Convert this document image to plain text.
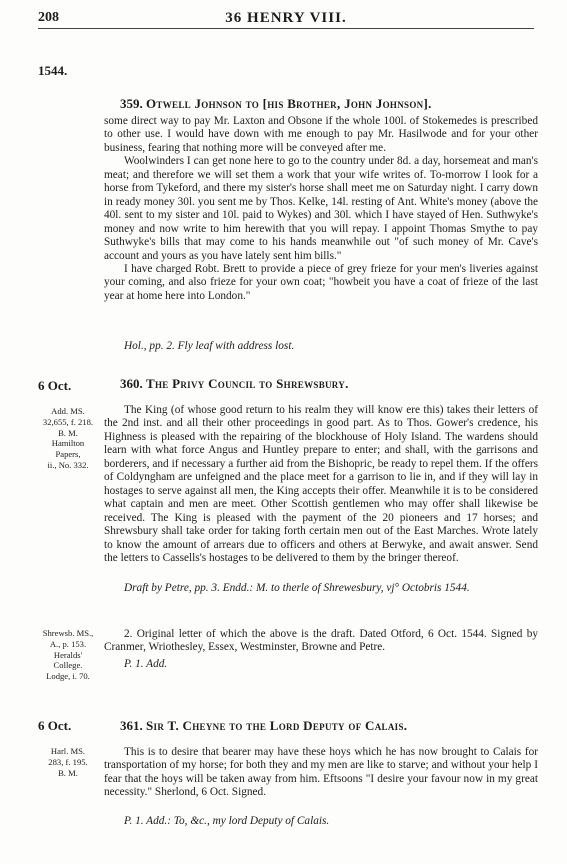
208	36 HENRY VIII.
1544.
359. Otwell Johnson to [his Brother, John Johnson].

some direct way to pay Mr. Laxton and Obsone if the whole 100l. of Stokemedes is prescribed to other use. I would have down with me enough to pay Mr. Hasilwode and for your other business, fearing that nothing more will be conveyed after me.

Woolwinders I can get none here to go to the country under 8d. a day, horsemeat and man's meat; and therefore we will set them a work that your wife writes of. To-morrow I look for a horse from Tykeford, and there my sister's horse shall meet me on Saturday night. I carry down in ready money 30l. you sent me by Thos. Kelke, 14l. resting of Ant. White's money (above the 40l. sent to my sister and 10l. paid to Wykes) and 30l. which I have stayed of Hen. Suthwyke's money and now write to him herewith that you will repay. I appoint Thomas Smythe to pay Suthwyke's bills that may come to his hands meanwhile out "of such money of Mr. Cave's account and yours as you have lately sent him bills."

I have charged Robt. Brett to provide a piece of grey frieze for your men's liveries against your coming, and also frieze for your own coat; "howbeit you have a coat of frieze of the last year at home here into London."

Hol., pp. 2. Fly leaf with address lost.
6 Oct.	360. The Privy Council to Shrewsbury.
Add. MS.
32,655, f. 218.
B. M.
Hamilton
Papers,
ii., No. 332.

The King (of whose good return to his realm they will know ere this) takes their letters of the 2nd inst. and all their other proceedings in good part. As to Thos. Gower's credence, his Highness is pleased with the repairing of the blockhouse of Holy Island. The wardens should learn with what force Angus and Huntley prepare to enter; and shall, with the garrisons and borderers, and if necessary a further aid from the Bishopric, be ready to repel them. If the offers of Coldyngham are unfeigned and the place meet for a garrison to lie in, and if they will lay in hostages to serve against all men, the King accepts their offer. Meanwhile it is to be considered what captain and men are meet. Other Scottish gentlemen who may offer shall likewise be received. The King is pleased with the payment of the 20 pioneers and 17 horses; and Shrewsbury shall take order for taking forth certain men out of the East Marches. Wrote lately to know the amount of arrears due to officers and others at Berwyke, and await answer. Send the letters to Cassells's hostages to be delivered to them by the bringer thereof.

Draft by Petre, pp. 3. Endd.: M. to therle of Shrewesbury, vj° Octobris 1544.
Shrewsb. MS.,
A., p. 153.
Heralds'
College.
Lodge, i. 70.

2. Original letter of which the above is the draft. Dated Otford, 6 Oct. 1544. Signed by Cranmer, Wriothesley, Essex, Westminster, Browne and Petre.

P. 1. Add.
6 Oct.	361. Sir T. Cheyne to the Lord Deputy of Calais.
Harl. MS.
283, f. 195.
B. M.

This is to desire that bearer may have these hoys which he has now brought to Calais for transportation of my horse; for both they and my men are like to starve; and without your help I fear that the hoys will be taken away from him. Eftsoons "I desire your favour now in my great necessity." Sherlond, 6 Oct. Signed.

P. 1. Add.: To, &c., my lord Deputy of Calais.
